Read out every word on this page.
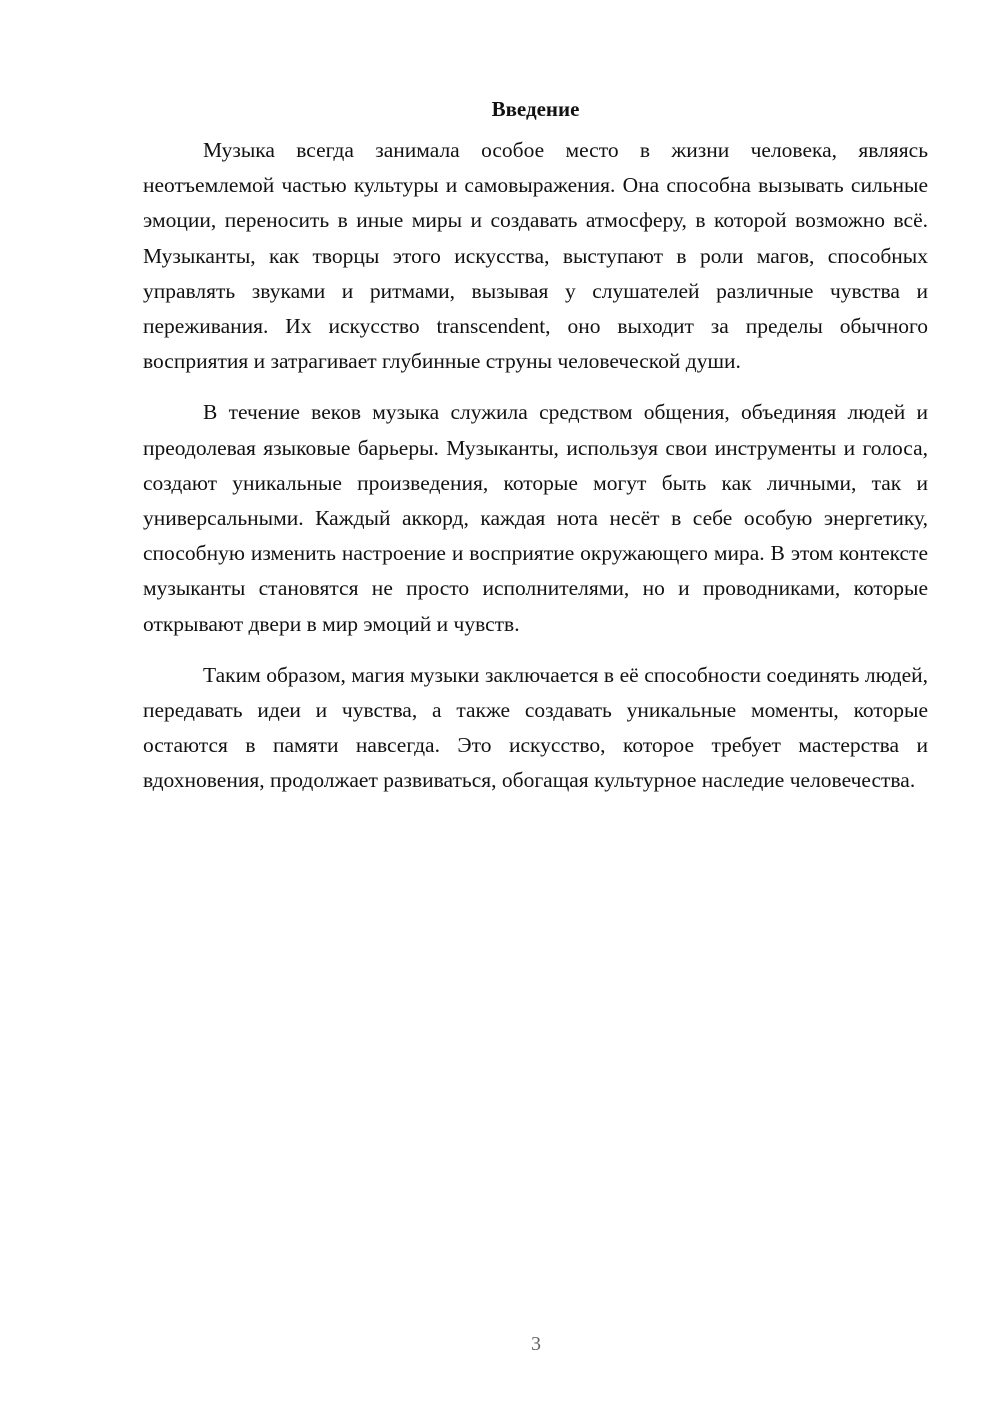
Введение

Музыка всегда занимала особое место в жизни человека, являясь неотъемлемой частью культуры и самовыражения. Она способна вызывать сильные эмоции, переносить в иные миры и создавать атмосферу, в которой возможно всё. Музыканты, как творцы этого искусства, выступают в роли магов, способных управлять звуками и ритмами, вызывая у слушателей различные чувства и переживания. Их искусство transcendent, оно выходит за пределы обычного восприятия и затрагивает глубинные струны человеческой души.

В течение веков музыка служила средством общения, объединяя людей и преодолевая языковые барьеры. Музыканты, используя свои инструменты и голоса, создают уникальные произведения, которые могут быть как личными, так и универсальными. Каждый аккорд, каждая нота несёт в себе особую энергетику, способную изменить настроение и восприятие окружающего мира. В этом контексте музыканты становятся не просто исполнителями, но и проводниками, которые открывают двери в мир эмоций и чувств.

Таким образом, магия музыки заключается в её способности соединять людей, передавать идеи и чувства, а также создавать уникальные моменты, которые остаются в памяти навсегда. Это искусство, которое требует мастерства и вдохновения, продолжает развиваться, обогащая культурное наследие человечества.

3
